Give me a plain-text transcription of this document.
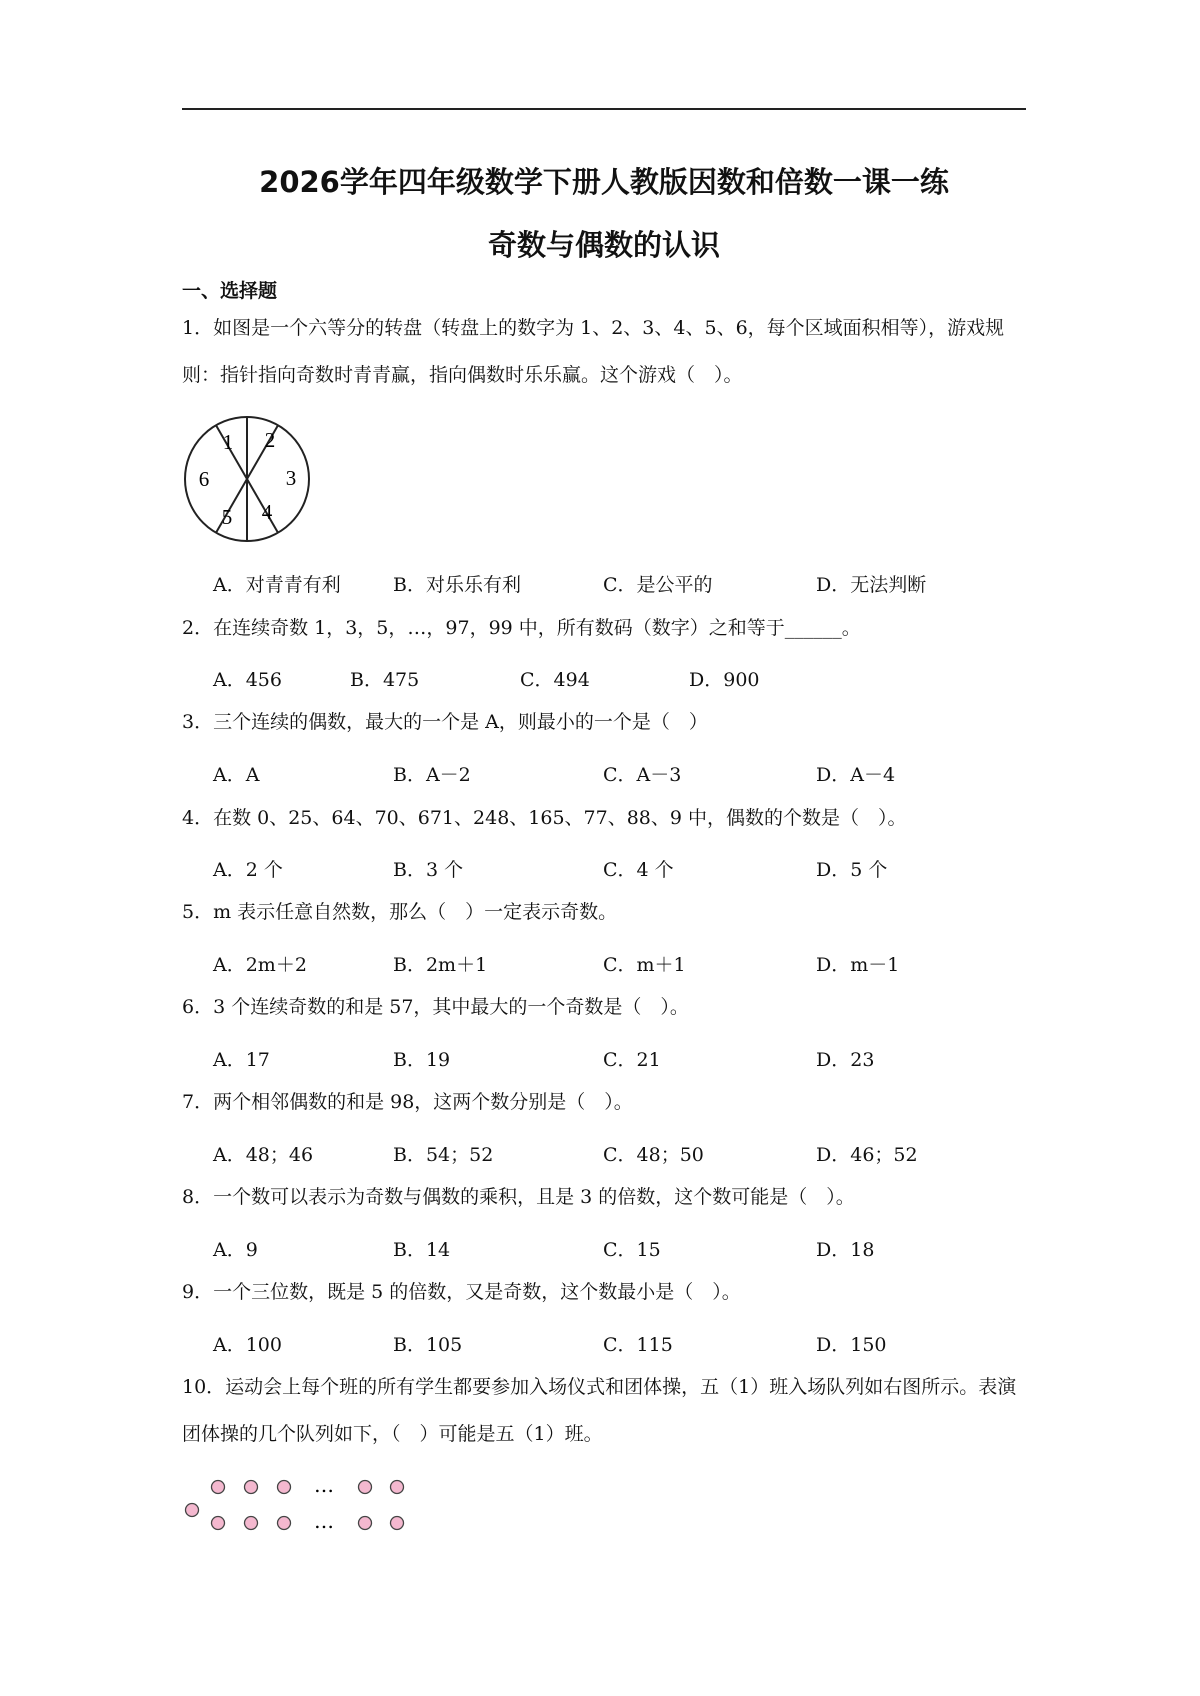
2026学年四年级数学下册人教版因数和倍数一课一练
奇数与偶数的认识
一、选择题
1．如图是一个六等分的转盘（转盘上的数字为 1、2、3、4、5、6，每个区域面积相等），游戏规则：指针指向奇数时青青赢，指向偶数时乐乐赢。这个游戏（　）。
1 2
3
4
5
6
A．对青青有利	B．对乐乐有利	C．是公平的	D．无法判断
2．在连续奇数 1，3，5，…，97，99 中，所有数码（数字）之和等于______。
A．456	B．475	C．494	D．900
3．三个连续的偶数，最大的一个是 A，则最小的一个是（　）
A．A	B．A－2	C．A－3	D．A－4
4．在数 0、25、64、70、671、248、165、77、88、9 中，偶数的个数是（　）。
A．2 个	B．3 个	C．4 个	D．5 个
5．m 表示任意自然数，那么（　）一定表示奇数。
A．2m＋2	B．2m＋1	C．m＋1	D．m－1
6．3 个连续奇数的和是 57，其中最大的一个奇数是（　）。
A．17	B．19	C．21	D．23
7．两个相邻偶数的和是 98，这两个数分别是（　）。
A．48；46	B．54；52	C．48；50	D．46；52
8．一个数可以表示为奇数与偶数的乘积，且是 3 的倍数，这个数可能是（　）。
A．9	B．14	C．15	D．18
9．一个三位数，既是 5 的倍数，又是奇数，这个数最小是（　）。
A．100	B．105	C．115	D．150
10．运动会上每个班的所有学生都要参加入场仪式和团体操，五（1）班入场队列如右图所示。表演团体操的几个队列如下，（　）可能是五（1）班。
…
…
